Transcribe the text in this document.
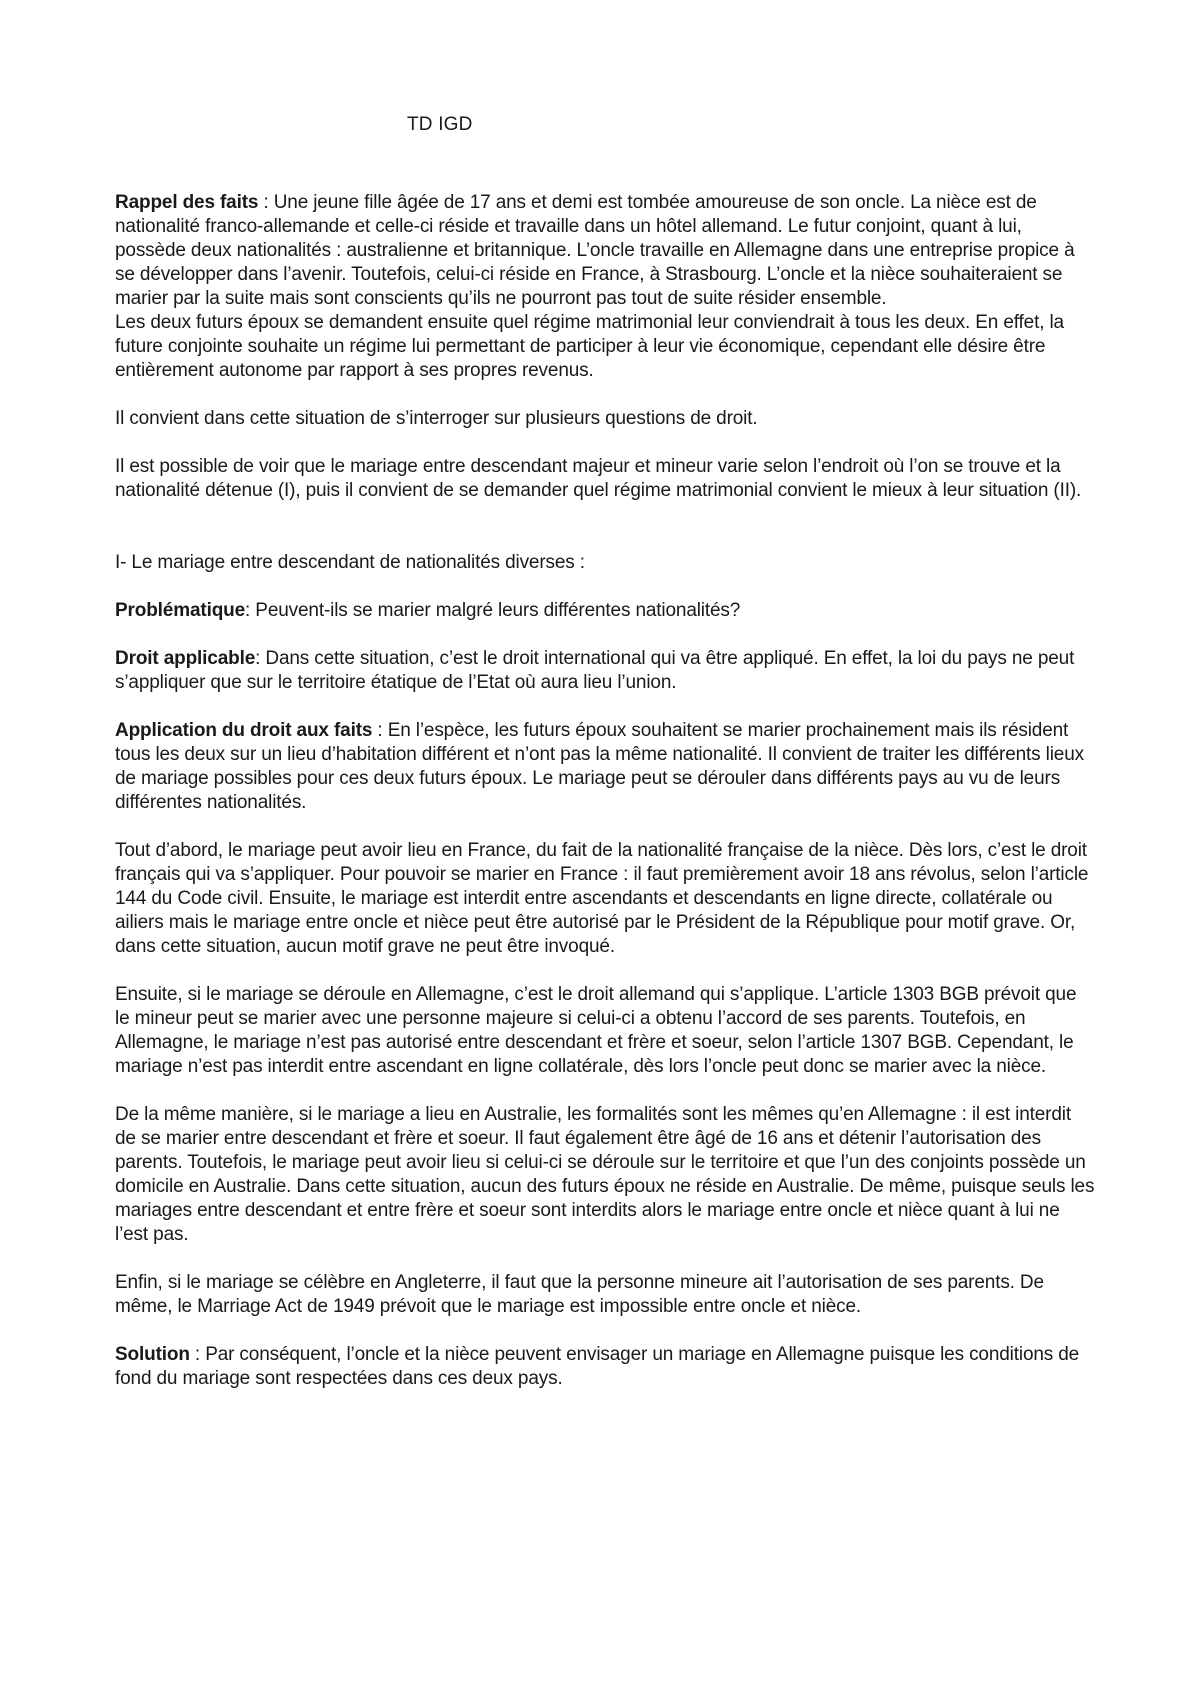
TD IGD

Rappel des faits : Une jeune fille âgée de 17 ans et demi est tombée amoureuse de son oncle. La nièce est de nationalité franco-allemande et celle-ci réside et travaille dans un hôtel allemand. Le futur conjoint, quant à lui, possède deux nationalités : australienne et britannique. L’oncle travaille en Allemagne dans une entreprise propice à se développer dans l’avenir. Toutefois, celui-ci réside en France, à Strasbourg. L’oncle et la nièce souhaiteraient se marier par la suite mais sont conscients qu’ils ne pourront pas tout de suite résider ensemble.

Les deux futurs époux se demandent ensuite quel régime matrimonial leur conviendrait à tous les deux. En effet, la future conjointe souhaite un régime lui permettant de participer à leur vie économique, cependant elle désire être entièrement autonome par rapport à ses propres revenus.

Il convient dans cette situation de s’interroger sur plusieurs questions de droit.

Il est possible de voir que le mariage entre descendant majeur et mineur varie selon l’endroit où l’on se trouve et la nationalité détenue (I), puis il convient de se demander quel régime matrimonial convient le mieux à leur situation (II).

I- Le mariage entre descendant de nationalités diverses :

Problématique: Peuvent-ils se marier malgré leurs différentes nationalités?

Droit applicable: Dans cette situation, c’est le droit international qui va être appliqué. En effet, la loi du pays ne peut s’appliquer que sur le territoire étatique de l’Etat où aura lieu l’union.

Application du droit aux faits : En l’espèce, les futurs époux souhaitent se marier prochainement mais ils résident tous les deux sur un lieu d’habitation différent et n’ont pas la même nationalité. Il convient de traiter les différents lieux de mariage possibles pour ces deux futurs époux. Le mariage peut se dérouler dans différents pays au vu de leurs différentes nationalités.

Tout d’abord, le mariage peut avoir lieu en France, du fait de la nationalité française de la nièce. Dès lors, c’est le droit français qui va s’appliquer. Pour pouvoir se marier en France : il faut premièrement avoir 18 ans révolus, selon l’article 144 du Code civil. Ensuite, le mariage est interdit entre ascendants et descendants en ligne directe, collatérale ou ailiers mais le mariage entre oncle et nièce peut être autorisé par le Président de la République pour motif grave. Or, dans cette situation, aucun motif grave ne peut être invoqué.

Ensuite, si le mariage se déroule en Allemagne, c’est le droit allemand qui s’applique. L’article 1303 BGB prévoit que le mineur peut se marier avec une personne majeure si celui-ci a obtenu l’accord de ses parents. Toutefois, en Allemagne, le mariage n’est pas autorisé entre descendant et frère et soeur, selon l’article 1307 BGB. Cependant, le mariage n’est pas interdit entre ascendant en ligne collatérale, dès lors l’oncle peut donc se marier avec la nièce.

De la même manière, si le mariage a lieu en Australie, les formalités sont les mêmes qu’en Allemagne : il est interdit de se marier entre descendant et frère et soeur. Il faut également être âgé de 16 ans et détenir l’autorisation des parents. Toutefois, le mariage peut avoir lieu si celui-ci se déroule sur le territoire et que l’un des conjoints possède un domicile en Australie. Dans cette situation, aucun des futurs époux ne réside en Australie. De même, puisque seuls les mariages entre descendant et entre frère et soeur sont interdits alors le mariage entre oncle et nièce quant à lui ne l’est pas.

Enfin, si le mariage se célèbre en Angleterre, il faut que la personne mineure ait l’autorisation de ses parents. De même, le Marriage Act de 1949 prévoit que le mariage est impossible entre oncle et nièce.

Solution : Par conséquent, l’oncle et la nièce peuvent envisager un mariage en Allemagne puisque les conditions de fond du mariage sont respectées dans ces deux pays.
